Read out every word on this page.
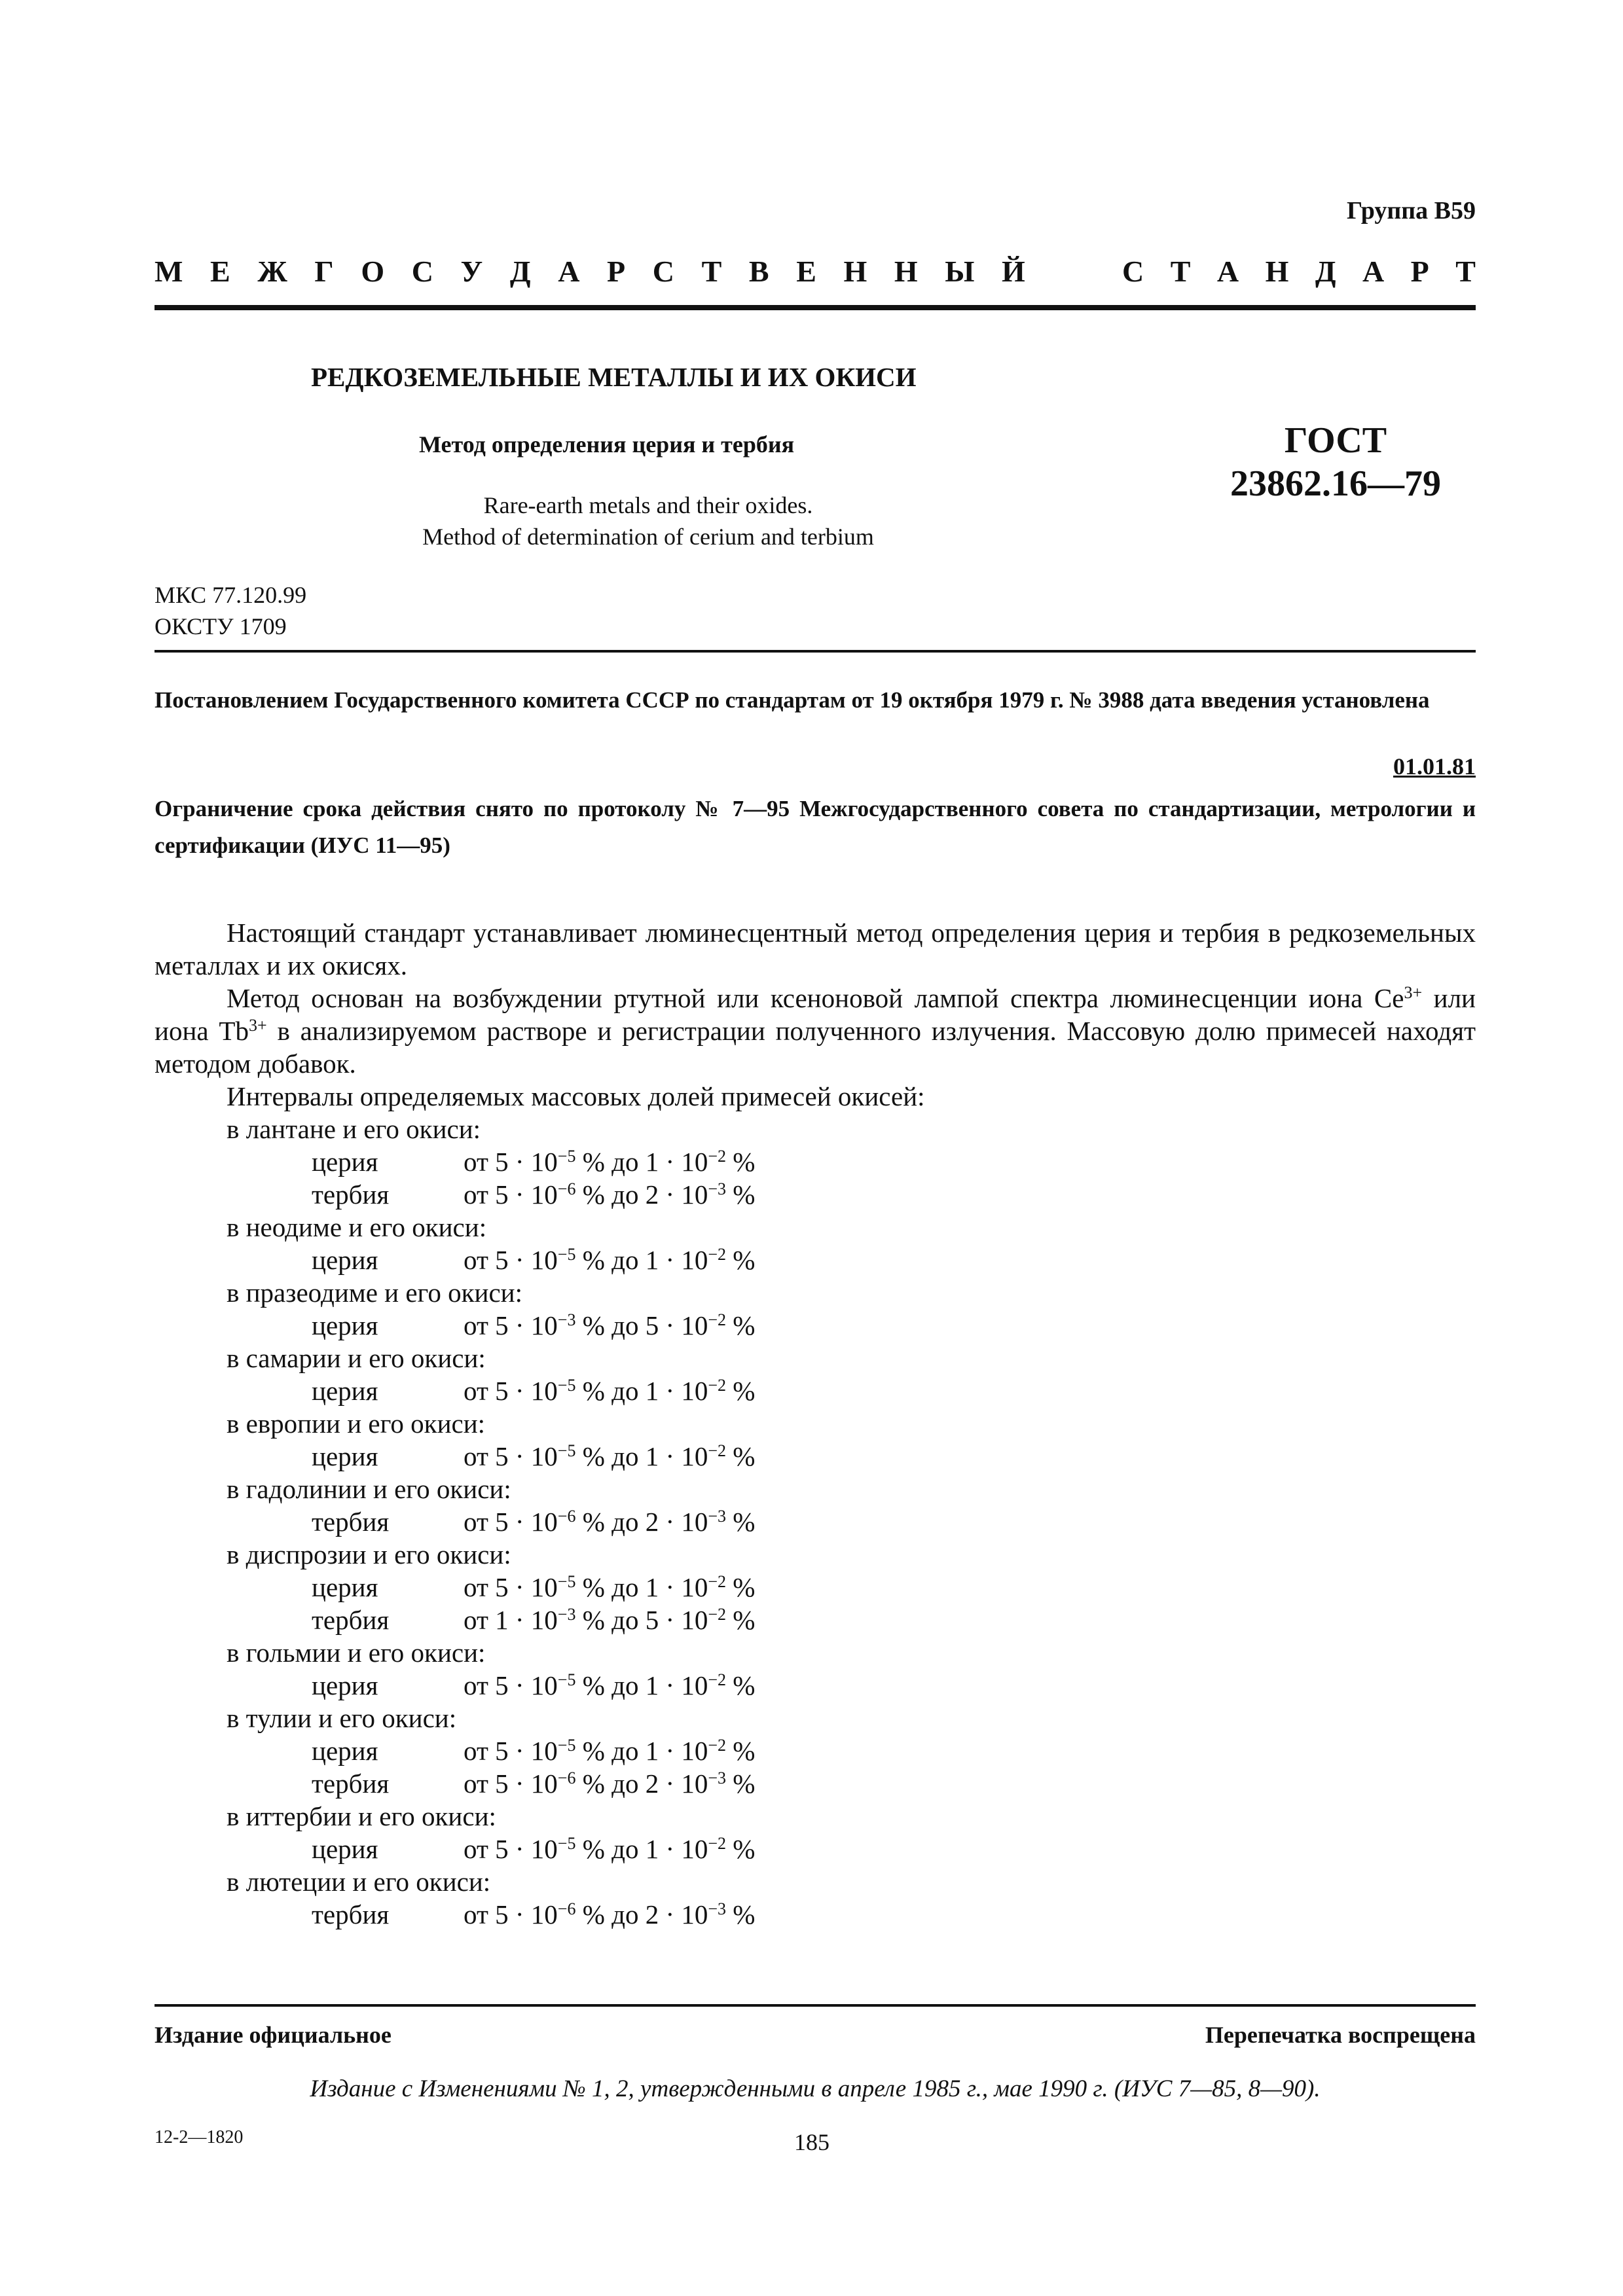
Группа В59
М Е Ж Г О С У Д А Р С Т В Е Н Н Ы Й	С Т А Н Д А Р Т
РЕДКОЗЕМЕЛЬНЫЕ МЕТАЛЛЫ И ИХ ОКИСИ
Метод определения церия и тербия
Rare-earth metals and their oxides.
Method of determination of cerium and terbium
ГОСТ
23862.16—79
МКС 77.120.99
ОКСТУ 1709
Постановлением Государственного комитета СССР по стандартам от 19 октября 1979 г. № 3988 дата введения установлена
01.01.81
Ограничение срока действия снято по протоколу № 7—95 Межгосударственного совета по стандартизации, метрологии и сертификации (ИУС 11—95)

Настоящий стандарт устанавливает люминесцентный метод определения церия и тербия в редкоземельных металлах и их окисях.

Метод основан на возбуждении ртутной или ксеноновой лампой спектра люминесценции иона $Ce^{3+}$ или иона $Tb^{3+}$ в анализируемом растворе и регистрации полученного излучения. Массовую долю примесей находят методом добавок.

Интервалы определяемых массовых долей примесей окисей:

в лантане и его окиси:
церия	от $5 \cdot 10^{-5}$ % до $1 \cdot 10^{-2}$ %
тербия	от $5 \cdot 10^{-6}$ % до $2 \cdot 10^{-3}$ %
в неодиме и его окиси:
церия	от $5 \cdot 10^{-5}$ % до $1 \cdot 10^{-2}$ %
в празеодиме и его окиси:
церия	от $5 \cdot 10^{-3}$ % до $5 \cdot 10^{-2}$ %
в самарии и его окиси:
церия	от $5 \cdot 10^{-5}$ % до $1 \cdot 10^{-2}$ %
в европии и его окиси:
церия	от $5 \cdot 10^{-5}$ % до $1 \cdot 10^{-2}$ %
в гадолинии и его окиси:
тербия	от $5 \cdot 10^{-6}$ % до $2 \cdot 10^{-3}$ %
в диспрозии и его окиси:
церия	от $5 \cdot 10^{-5}$ % до $1 \cdot 10^{-2}$ %
тербия	от $1 \cdot 10^{-3}$ % до $5 \cdot 10^{-2}$ %
в гольмии и его окиси:
церия	от $5 \cdot 10^{-5}$ % до $1 \cdot 10^{-2}$ %
в тулии и его окиси:
церия	от $5 \cdot 10^{-5}$ % до $1 \cdot 10^{-2}$ %
тербия	от $5 \cdot 10^{-6}$ % до $2 \cdot 10^{-3}$ %
в иттербии и его окиси:
церия	от $5 \cdot 10^{-5}$ % до $1 \cdot 10^{-2}$ %
в лютеции и его окиси:
тербия	от $5 \cdot 10^{-6}$ % до $2 \cdot 10^{-3}$ %
Издание официальное	Перепечатка воспрещена
Издание с Изменениями № 1, 2, утвержденными в апреле 1985 г., мае 1990 г. (ИУС 7—85, 8—90).
12-2—1820	185
